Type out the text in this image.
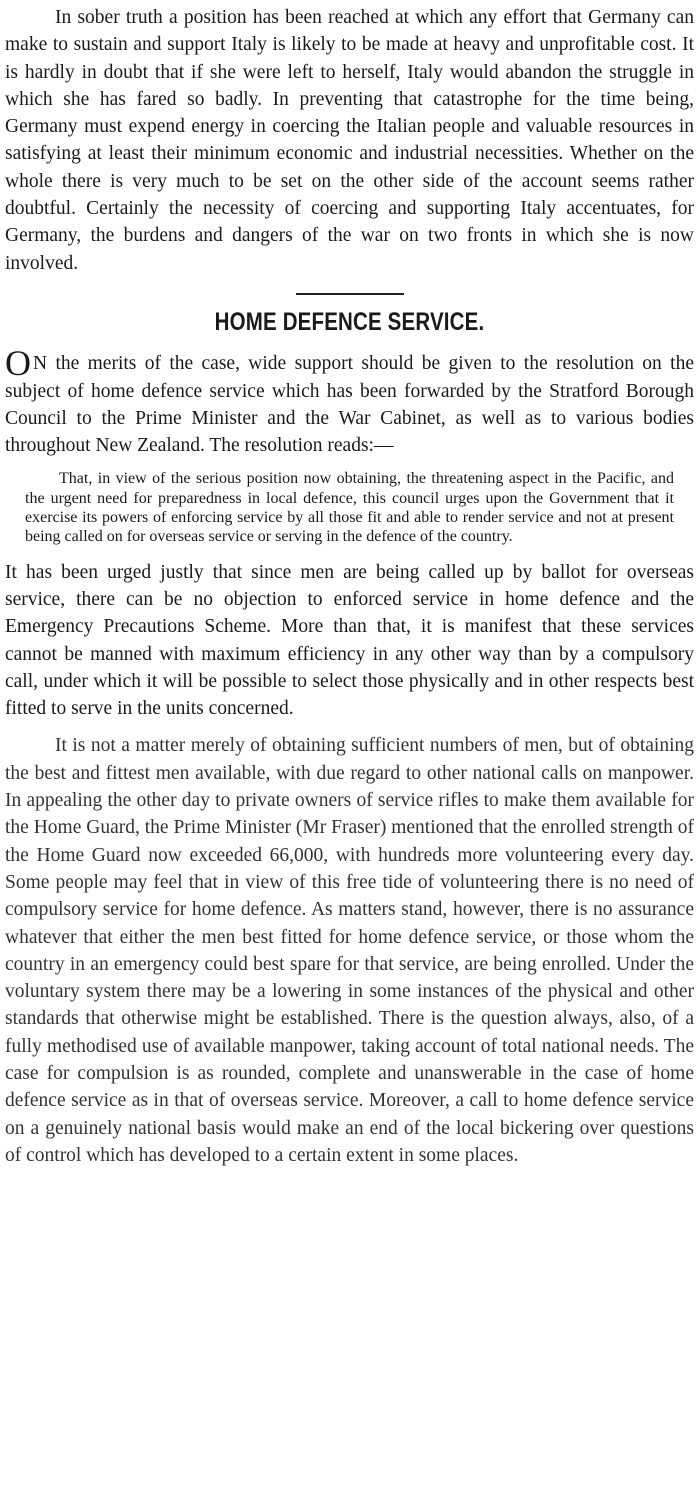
In sober truth a position has been reached at which any effort that Germany can make to sustain and support Italy is likely to be made at heavy and unprofitable cost. It is hardly in doubt that if she were left to herself, Italy would abandon the struggle in which she has fared so badly. In preventing that catastrophe for the time being, Germany must expend energy in coercing the Italian people and valuable resources in satisfying at least their minimum economic and industrial necessities. Whether on the whole there is very much to be set on the other side of the account seems rather doubtful. Certainly the necessity of coercing and supporting Italy accentuates, for Germany, the burdens and dangers of the war on two fronts in which she is now involved.

HOME DEFENCE SERVICE.

O N the merits of the case, wide support should be given to the resolution on the subject of home defence service which has been forwarded by the Stratford Borough Council to the Prime Minister and the War Cabinet, as well as to various bodies throughout New Zealand. The resolution reads:—

That, in view of the serious position now obtaining, the threatening aspect in the Pacific, and the urgent need for preparedness in local defence, this council urges upon the Government that it exercise its powers of enforcing service by all those fit and able to render service and not at present being called on for overseas service or serving in the defence of the country.

It has been urged justly that since men are being called up by ballot for overseas service, there can be no objection to enforced service in home defence and the Emergency Precautions Scheme. More than that, it is manifest that these services cannot be manned with maximum efficiency in any other way than by a compulsory call, under which it will be possible to select those physically and in other respects best fitted to serve in the units concerned.

It is not a matter merely of obtaining sufficient numbers of men, but of obtaining the best and fittest men available, with due regard to other national calls on manpower. In appealing the other day to private owners of service rifles to make them available for the Home Guard, the Prime Minister (Mr Fraser) mentioned that the enrolled strength of the Home Guard now exceeded 66,000, with hundreds more volunteering every day. Some people may feel that in view of this free tide of volunteering there is no need of compulsory service for home defence. As matters stand, however, there is no assurance whatever that either the men best fitted for home defence service, or those whom the country in an emergency could best spare for that service, are being enrolled. Under the voluntary system there may be a lowering in some instances of the physical and other standards that otherwise might be established. There is the question always, also, of a fully methodised use of available manpower, taking account of total national needs. The case for compulsion is as rounded, complete and unanswerable in the case of home defence service as in that of overseas service. Moreover, a call to home defence service on a genuinely national basis would make an end of the local bickering over questions of control which has developed to a certain extent in some places.
